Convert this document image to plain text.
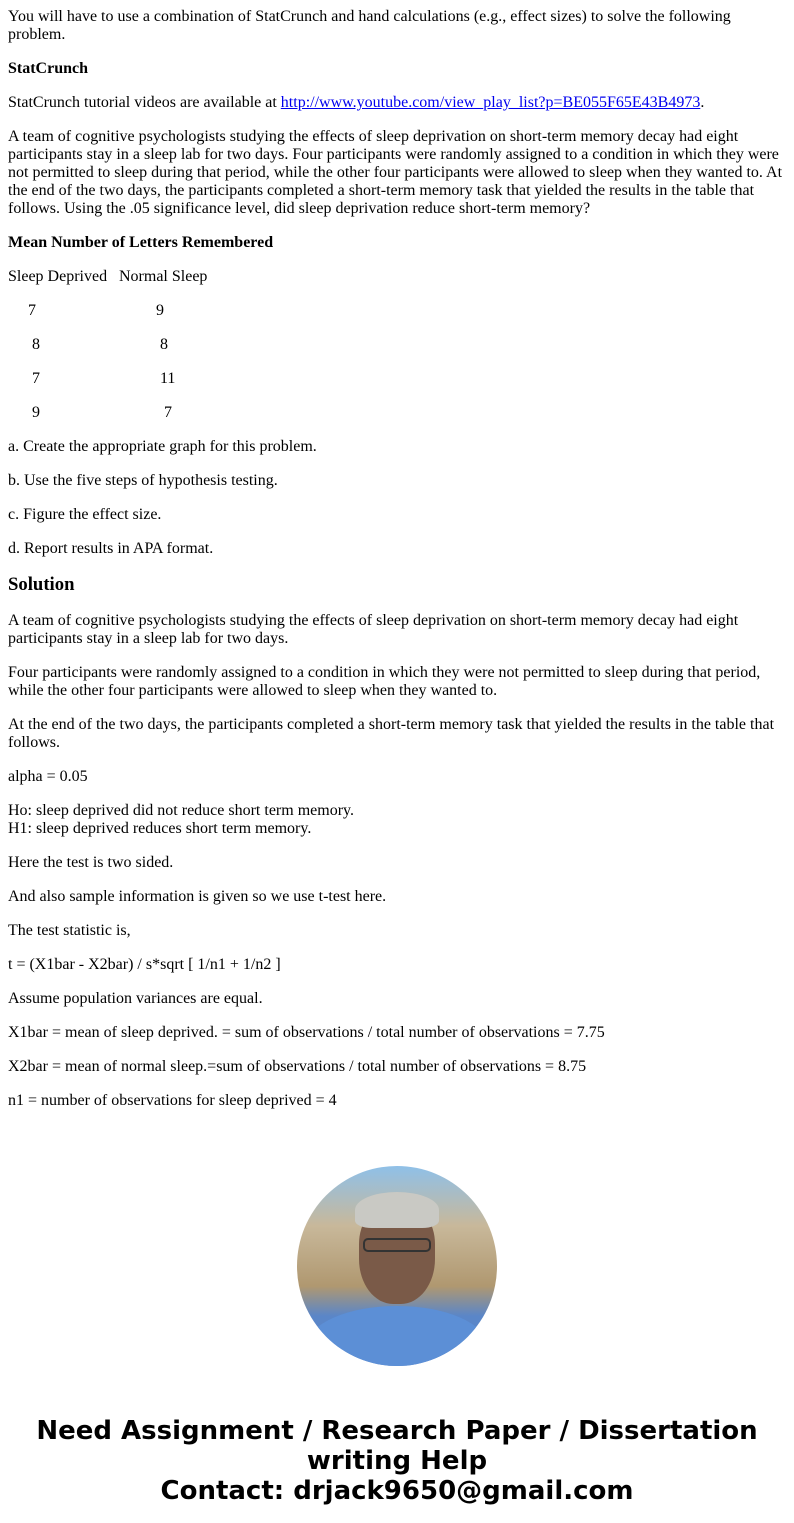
You will have to use a combination of StatCrunch and hand calculations (e.g., effect sizes) to solve the following problem.

StatCrunch

StatCrunch tutorial videos are available at http://www.youtube.com/view_play_list?p=BE055F65E43B4973.

A team of cognitive psychologists studying the effects of sleep deprivation on short-term memory decay had eight participants stay in a sleep lab for two days. Four participants were randomly assigned to a condition in which they were not permitted to sleep during that period, while the other four participants were allowed to sleep when they wanted to. At the end of the two days, the participants completed a short-term memory task that yielded the results in the table that follows. Using the .05 significance level, did sleep deprivation reduce short-term memory?

Mean Number of Letters Remembered

Sleep Deprived Normal Sleep
7	9
8	8
7	11
9	7

a. Create the appropriate graph for this problem.

b. Use the five steps of hypothesis testing.

c. Figure the effect size.

d. Report results in APA format.

Solution

A team of cognitive psychologists studying the effects of sleep deprivation on short-term memory decay had eight participants stay in a sleep lab for two days.

Four participants were randomly assigned to a condition in which they were not permitted to sleep during that period, while the other four participants were allowed to sleep when they wanted to.

At the end of the two days, the participants completed a short-term memory task that yielded the results in the table that follows.

alpha = 0.05

Ho: sleep deprived did not reduce short term memory.
H1: sleep deprived reduces short term memory.

Here the test is two sided.

And also sample information is given so we use t-test here.

The test statistic is,

t = (X1bar - X2bar) / s*sqrt [ 1/n1 + 1/n2 ]

Assume population variances are equal.

X1bar = mean of sleep deprived. = sum of observations / total number of observations = 7.75

X2bar = mean of normal sleep.=sum of observations / total number of observations = 8.75

n1 = number of observations for sleep deprived = 4

Need Assignment / Research Paper / Dissertation writing Help
Contact: drjack9650@gmail.com
